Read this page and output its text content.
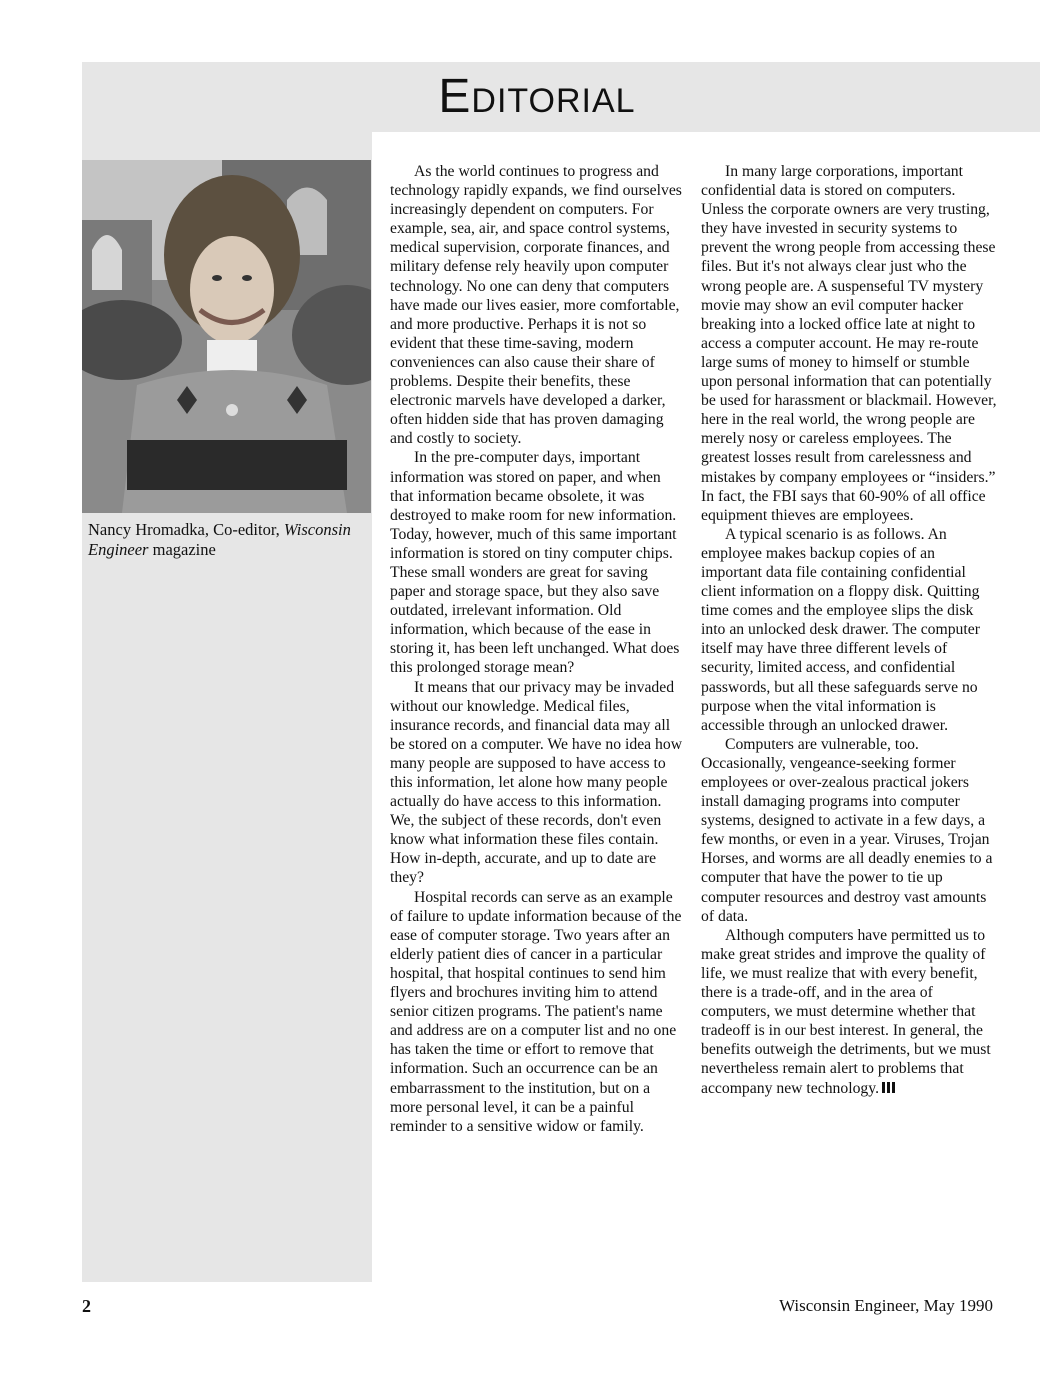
Editorial
Nancy Hromadka, Co-editor, Wisconsin Engineer magazine

As the world continues to progress and technology rapidly expands, we find ourselves increasingly dependent on computers. For example, sea, air, and space control systems, medical supervision, corporate finances, and military defense rely heavily upon computer technology. No one can deny that computers have made our lives easier, more comfortable, and more productive. Perhaps it is not so evident that these time-saving, modern conveniences can also cause their share of problems. Despite their benefits, these electronic marvels have developed a darker, often hidden side that has proven damaging and costly to society.

In the pre-computer days, important information was stored on paper, and when that information became obsolete, it was destroyed to make room for new information. Today, however, much of this same important information is stored on tiny computer chips. These small wonders are great for saving paper and storage space, but they also save outdated, irrelevant information. Old information, which because of the ease in storing it, has been left unchanged. What does this prolonged storage mean?

It means that our privacy may be invaded without our knowledge. Medical files, insurance records, and financial data may all be stored on a computer. We have no idea how many people are supposed to have access to this information, let alone how many people actually do have access to this information. We, the subject of these records, don't even know what information these files contain. How in-depth, accurate, and up to date are they?

Hospital records can serve as an example of failure to update information because of the ease of computer storage. Two years after an elderly patient dies of cancer in a particular hospital, that hospital continues to send him flyers and brochures inviting him to attend senior citizen programs. The patient's name and address are on a computer list and no one has taken the time or effort to remove that information. Such an occurrence can be an embarrassment to the institution, but on a more personal level, it can be a painful reminder to a sensitive widow or family.

In many large corporations, important confidential data is stored on computers. Unless the corporate owners are very trusting, they have invested in security systems to prevent the wrong people from accessing these files. But it's not always clear just who the wrong people are. A suspenseful TV mystery movie may show an evil computer hacker breaking into a locked office late at night to access a computer account. He may re-route large sums of money to himself or stumble upon personal information that can potentially be used for harassment or blackmail. However, here in the real world, the wrong people are merely nosy or careless employees. The greatest losses result from carelessness and mistakes by company employees or “insiders.” In fact, the FBI says that 60-90% of all office equipment thieves are employees.

A typical scenario is as follows. An employee makes backup copies of an important data file containing confidential client information on a floppy disk. Quitting time comes and the employee slips the disk into an unlocked desk drawer. The computer itself may have three different levels of security, limited access, and confidential passwords, but all these safeguards serve no purpose when the vital information is accessible through an unlocked drawer.

Computers are vulnerable, too. Occasionally, vengeance-seeking former employees or over-zealous practical jokers install damaging programs into computer systems, designed to activate in a few days, a few months, or even in a year. Viruses, Trojan Horses, and worms are all deadly enemies to a computer that have the power to tie up computer resources and destroy vast amounts of data.

Although computers have permitted us to make great strides and improve the quality of life, we must realize that with every benefit, there is a trade-off, and in the area of computers, we must determine whether that tradeoff is in our best interest. In general, the benefits outweigh the detriments, but we must nevertheless remain alert to problems that accompany new technology.

2	Wisconsin Engineer, May 1990
